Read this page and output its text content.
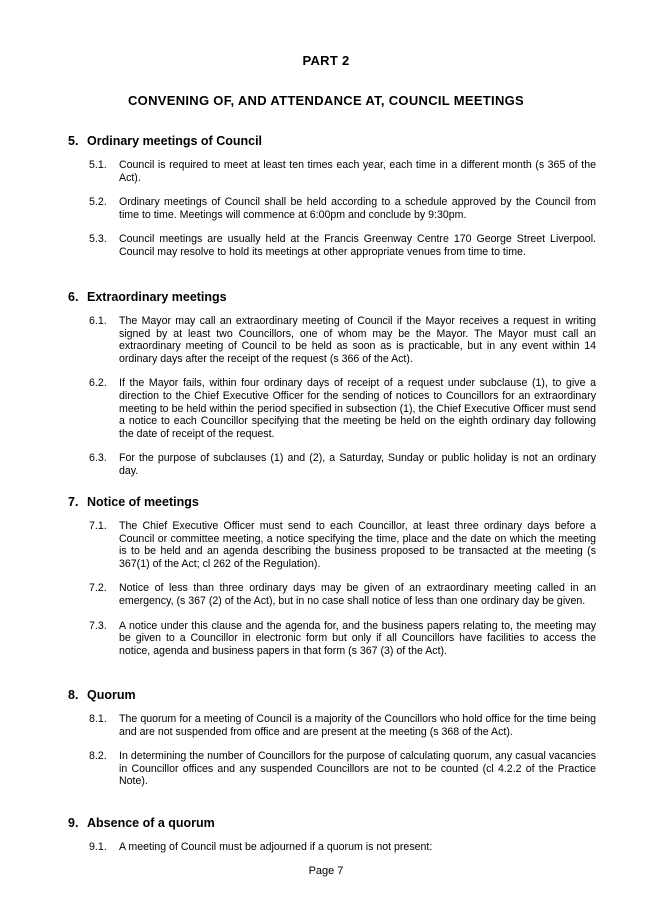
PART 2
CONVENING OF, AND ATTENDANCE AT, COUNCIL MEETINGS
5. Ordinary meetings of Council
5.1.	Council is required to meet at least ten times each year, each time in a different month (s 365 of the Act).
5.2.	Ordinary meetings of Council shall be held according to a schedule approved by the Council from time to time. Meetings will commence at 6:00pm and conclude by 9:30pm.
5.3.	Council meetings are usually held at the Francis Greenway Centre 170 George Street Liverpool. Council may resolve to hold its meetings at other appropriate venues from time to time.
6. Extraordinary meetings
6.1.	The Mayor may call an extraordinary meeting of Council if the Mayor receives a request in writing signed by at least two Councillors, one of whom may be the Mayor. The Mayor must call an extraordinary meeting of Council to be held as soon as is practicable, but in any event within 14 ordinary days after the receipt of the request (s 366 of the Act).
6.2.	If the Mayor fails, within four ordinary days of receipt of a request under subclause (1), to give a direction to the Chief Executive Officer for the sending of notices to Councillors for an extraordinary meeting to be held within the period specified in subsection (1), the Chief Executive Officer must send a notice to each Councillor specifying that the meeting be held on the eighth ordinary day following the date of receipt of the request.
6.3.	For the purpose of subclauses (1) and (2), a Saturday, Sunday or public holiday is not an ordinary day.
7. Notice of meetings
7.1.	The Chief Executive Officer must send to each Councillor, at least three ordinary days before a Council or committee meeting, a notice specifying the time, place and the date on which the meeting is to be held and an agenda describing the business proposed to be transacted at the meeting (s 367(1) of the Act; cl 262 of the Regulation).
7.2.	Notice of less than three ordinary days may be given of an extraordinary meeting called in an emergency, (s 367 (2) of the Act), but in no case shall notice of less than one ordinary day be given.
7.3.	A notice under this clause and the agenda for, and the business papers relating to, the meeting may be given to a Councillor in electronic form but only if all Councillors have facilities to access the notice, agenda and business papers in that form (s 367 (3) of the Act).
8. Quorum
8.1.	The quorum for a meeting of Council is a majority of the Councillors who hold office for the time being and are not suspended from office and are present at the meeting (s 368 of the Act).
8.2.	In determining the number of Councillors for the purpose of calculating quorum, any casual vacancies in Councillor offices and any suspended Councillors are not to be counted (cl 4.2.2 of the Practice Note).
9. Absence of a quorum
9.1.	A meeting of Council must be adjourned if a quorum is not present:
Page 7
